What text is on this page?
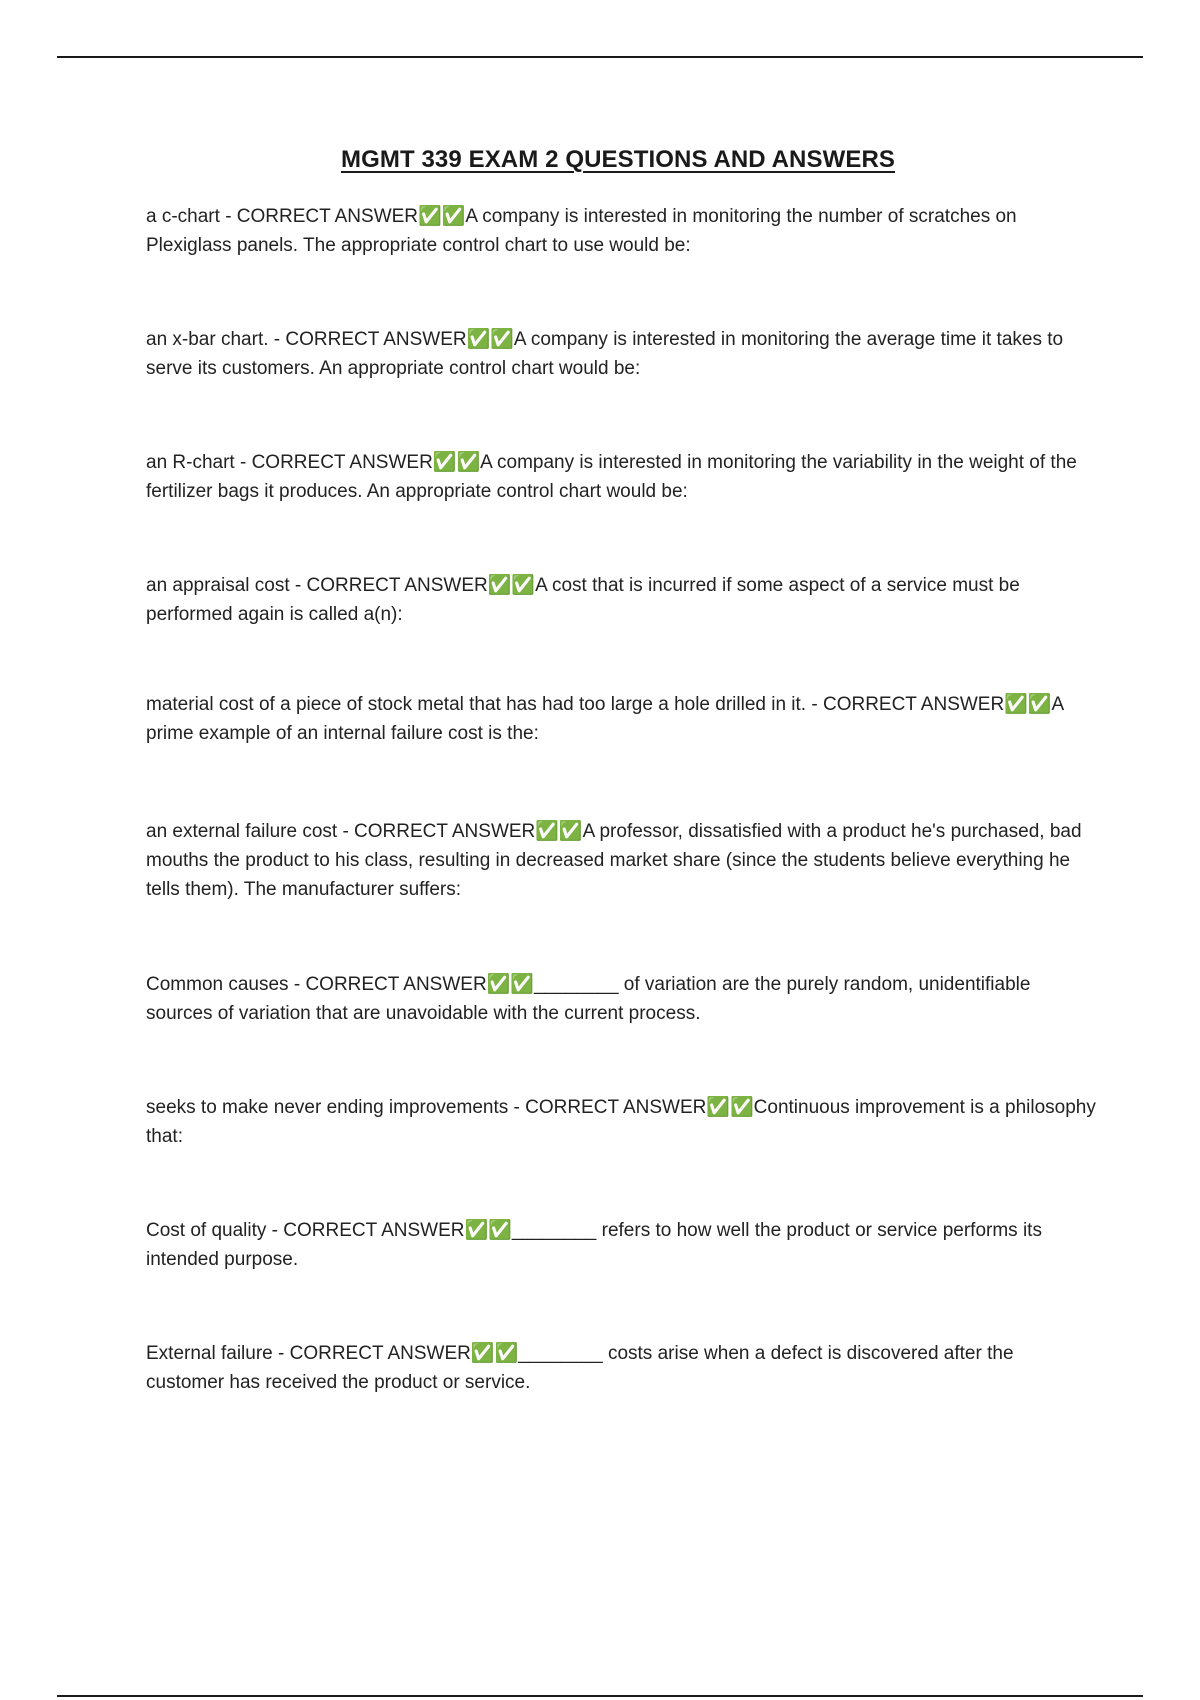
MGMT 339 EXAM 2 QUESTIONS AND ANSWERS
a c-chart - CORRECT ANSWER✅✅A company is interested in monitoring the number of scratches on Plexiglass panels. The appropriate control chart to use would be:
an x-bar chart. - CORRECT ANSWER✅✅A company is interested in monitoring the average time it takes to serve its customers. An appropriate control chart would be:
an R-chart - CORRECT ANSWER✅✅A company is interested in monitoring the variability in the weight of the fertilizer bags it produces. An appropriate control chart would be:
an appraisal cost - CORRECT ANSWER✅✅A cost that is incurred if some aspect of a service must be performed again is called a(n):
material cost of a piece of stock metal that has had too large a hole drilled in it. - CORRECT ANSWER✅✅A prime example of an internal failure cost is the:
an external failure cost - CORRECT ANSWER✅✅A professor, dissatisfied with a product he's purchased, bad mouths the product to his class, resulting in decreased market share (since the students believe everything he tells them). The manufacturer suffers:
Common causes - CORRECT ANSWER✅✅________ of variation are the purely random, unidentifiable sources of variation that are unavoidable with the current process.
seeks to make never ending improvements - CORRECT ANSWER✅✅Continuous improvement is a philosophy that:
Cost of quality - CORRECT ANSWER✅✅________ refers to how well the product or service performs its intended purpose.
External failure - CORRECT ANSWER✅✅________ costs arise when a defect is discovered after the customer has received the product or service.
